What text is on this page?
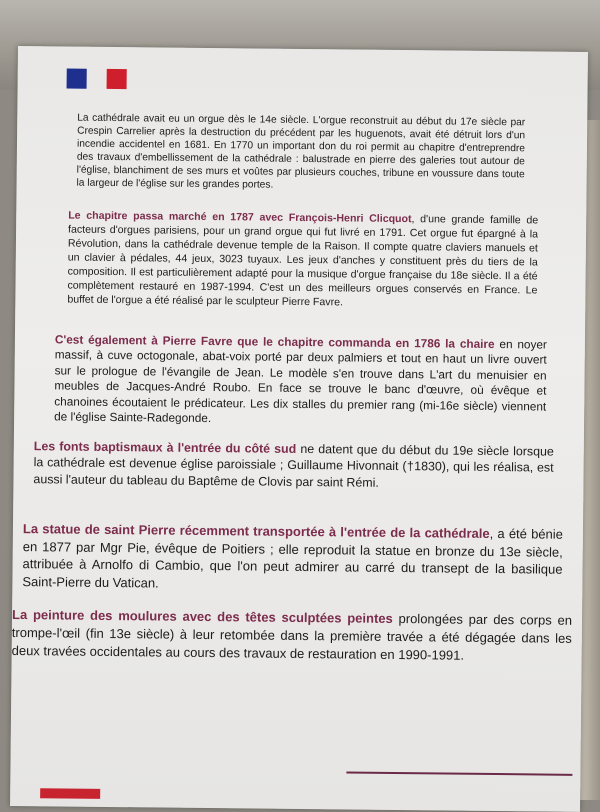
La cathédrale avait eu un orgue dès le 14e siècle. L'orgue reconstruit au début du 17e siècle par Crespin Carrelier après la destruction du précédent par les huguenots, avait été détruit lors d'un incendie accidentel en 1681. En 1770 un important don du roi permit au chapitre d'entreprendre des travaux d'embellissement de la cathédrale : balustrade en pierre des galeries tout autour de l'église, blanchiment de ses murs et voûtes par plusieurs couches, tribune en voussure dans toute la largeur de l'église sur les grandes portes.

Le chapitre passa marché en 1787 avec François-Henri Clicquot, d'une grande famille de facteurs d'orgues parisiens, pour un grand orgue qui fut livré en 1791. Cet orgue fut épargné à la Révolution, dans la cathédrale devenue temple de la Raison. Il compte quatre claviers manuels et un clavier à pédales, 44 jeux, 3023 tuyaux. Les jeux d'anches y constituent près du tiers de la composition. Il est particulièrement adapté pour la musique d'orgue française du 18e siècle. Il a été complètement restauré en 1987-1994. C'est un des meilleurs orgues conservés en France. Le buffet de l'orgue a été réalisé par le sculpteur Pierre Favre.

C'est également à Pierre Favre que le chapitre commanda en 1786 la chaire en noyer massif, à cuve octogonale, abat-voix porté par deux palmiers et tout en haut un livre ouvert sur le prologue de l'évangile de Jean. Le modèle s'en trouve dans L'art du menuisier en meubles de Jacques-André Roubo. En face se trouve le banc d'œuvre, où évêque et chanoines écoutaient le prédicateur. Les dix stalles du premier rang (mi-16e siècle) viennent de l'église Sainte-Radegonde.

Les fonts baptismaux à l'entrée du côté sud ne datent que du début du 19e siècle lorsque la cathédrale est devenue église paroissiale ; Guillaume Hivonnait (†1830), qui les réalisa, est aussi l'auteur du tableau du Baptême de Clovis par saint Rémi.

La statue de saint Pierre récemment transportée à l'entrée de la cathédrale, a été bénie en 1877 par Mgr Pie, évêque de Poitiers ; elle reproduit la statue en bronze du 13e siècle, attribuée à Arnolfo di Cambio, que l'on peut admirer au carré du transept de la basilique Saint-Pierre du Vatican.

La peinture des moulures avec des têtes sculptées peintes prolongées par des corps en trompe-l'œil (fin 13e siècle) à leur retombée dans la première travée a été dégagée dans les deux travées occidentales au cours des travaux de restauration en 1990-1991.
